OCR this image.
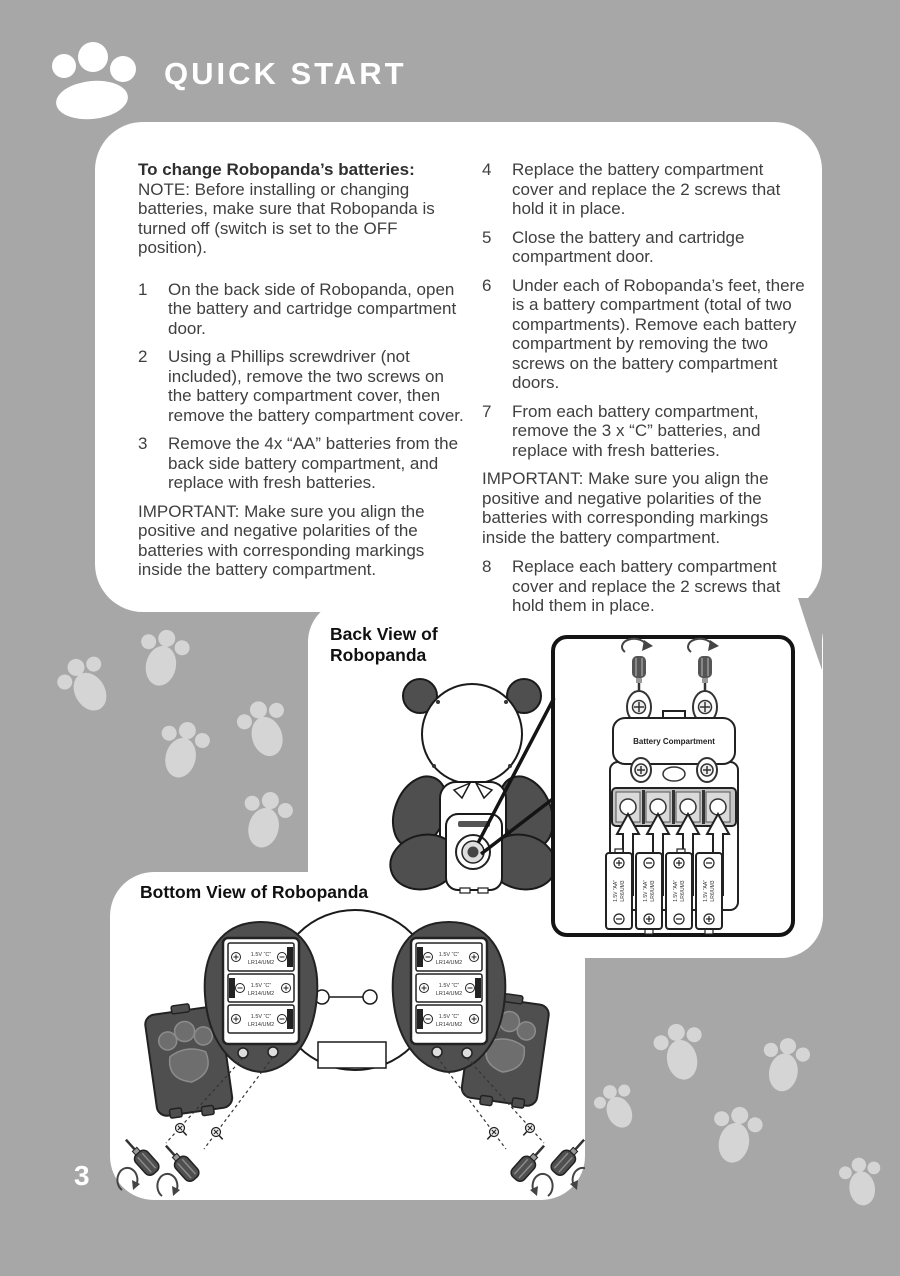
QUICK START

To change Robopanda’s batteries:
NOTE: Before installing or changing batteries, make sure that Robopanda is turned off (switch is set to the OFF position).

1	On the back side of Robopanda, open the battery and cartridge compartment door.
2	Using a Phillips screwdriver (not included), remove the two screws on the battery compartment cover, then remove the battery compartment cover.
3	Remove the 4x “AA” batteries from the back side battery compartment, and replace with fresh batteries.

IMPORTANT: Make sure you align the positive and negative polarities of the batteries with corresponding markings inside the battery compartment.

4	Replace the battery compartment cover and replace the 2 screws that hold it in place.
5	Close the battery and cartridge compartment door.
6	Under each of Robopanda’s feet, there is a battery compartment (total of two compartments). Remove each battery compartment by removing the two screws on the battery compartment doors.
7	From each battery compartment, remove the 3 x “C” batteries, and replace with fresh batteries.

IMPORTANT: Make sure you align the positive and negative polarities of the batteries with corresponding markings inside the battery compartment.

8	Replace each battery compartment cover and replace the 2 screws that hold them in place.
Back View of
Robopanda
Battery Compartment
1.5V “AA” LR6/UM3	1.5V “AA” LR6/UM3	1.5V “AA” LR6/UM3	1.5V “AA” LR6/UM3
Bottom View of Robopanda
1.5V “C”
LR14/UM2
1.5V “C”
LR14/UM2
1.5V “C”
LR14/UM2
1.5V “C”
LR14/UM2
1.5V “C”
LR14/UM2
1.5V “C”
LR14/UM2
3
